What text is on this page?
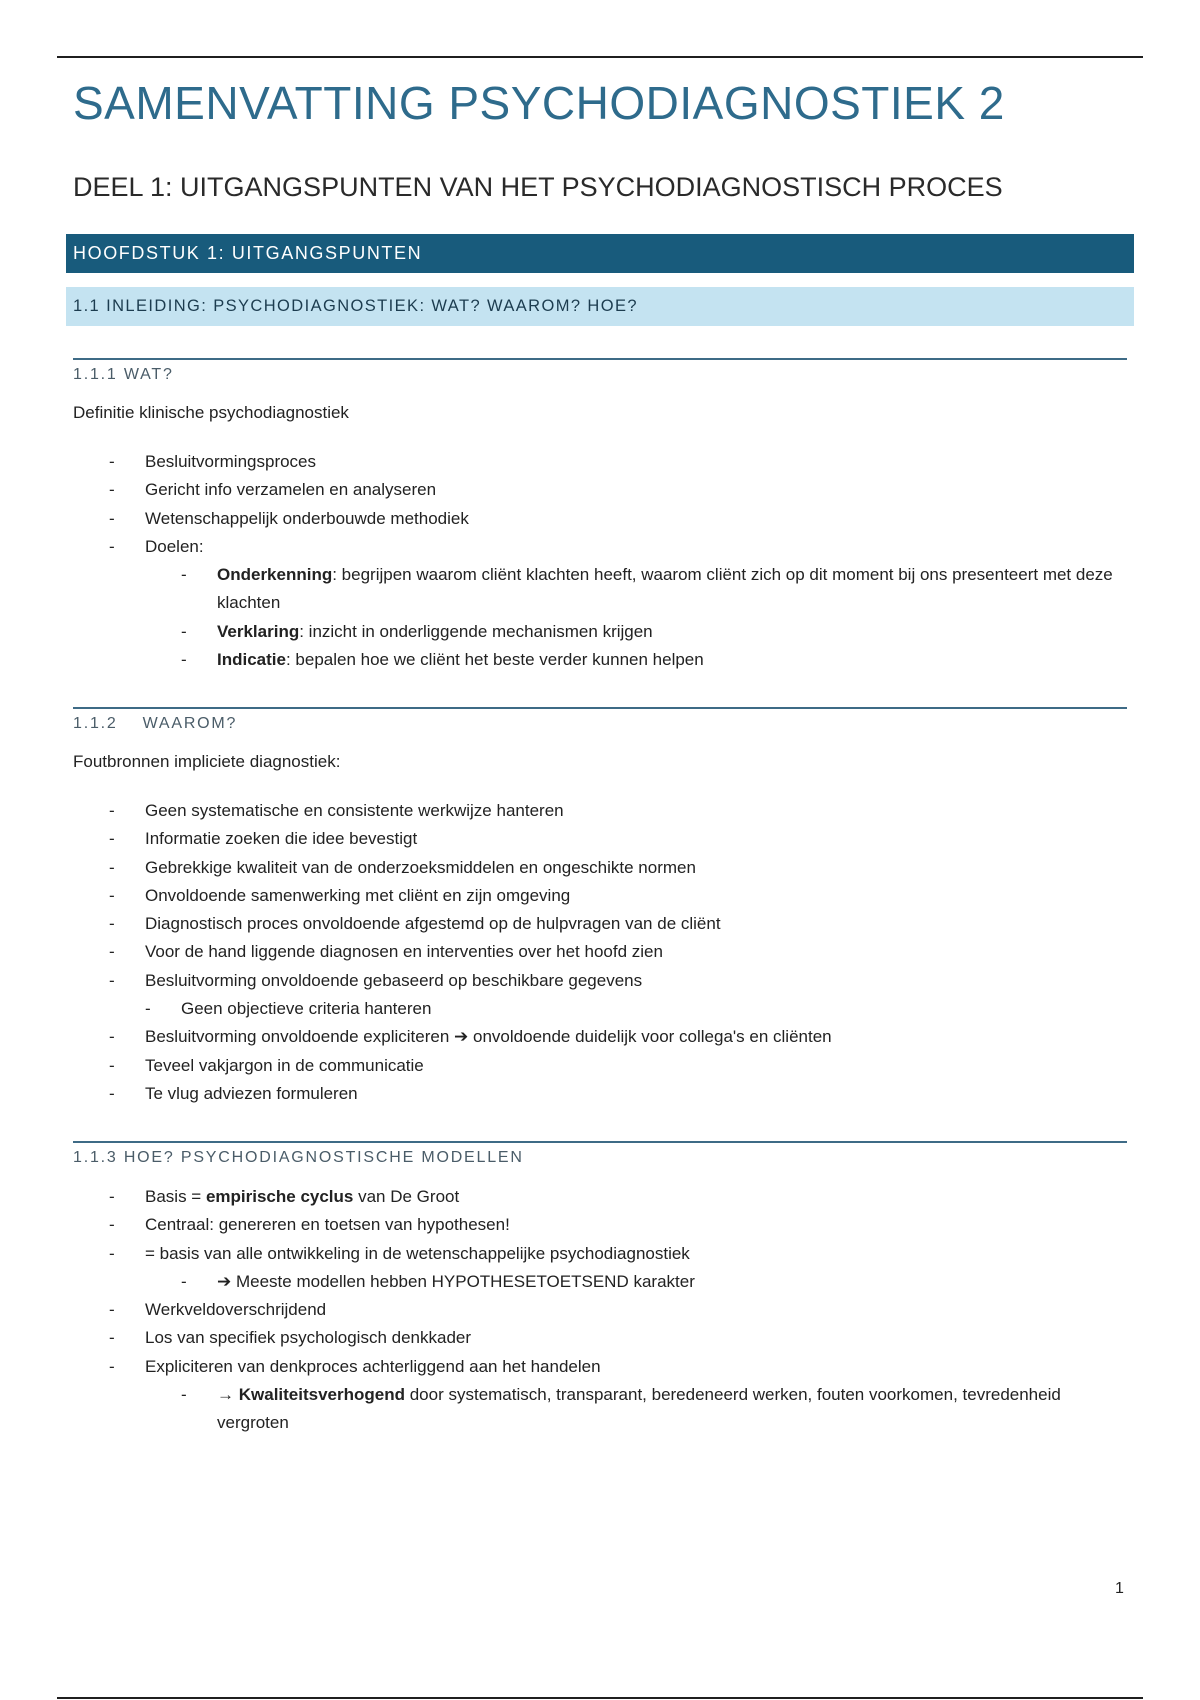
SAMENVATTING PSYCHODIAGNOSTIEK 2
DEEL 1: UITGANGSPUNTEN VAN HET PSYCHODIAGNOSTISCH PROCES
HOOFDSTUK 1: UITGANGSPUNTEN
1.1 INLEIDING: PSYCHODIAGNOSTIEK: WAT? WAAROM? HOE?
1.1.1 WAT?
Definitie klinische psychodiagnostiek
- Besluitvormingsproces
- Gericht info verzamelen en analyseren
- Wetenschappelijk onderbouwde methodiek
- Doelen:
- Onderkenning: begrijpen waarom cliënt klachten heeft, waarom cliënt zich op dit moment bij ons presenteert met deze klachten
- Verklaring: inzicht in onderliggende mechanismen krijgen
- Indicatie: bepalen hoe we cliënt het beste verder kunnen helpen
1.1.2    WAAROM?
Foutbronnen impliciete diagnostiek:
- Geen systematische en consistente werkwijze hanteren
- Informatie zoeken die idee bevestigt
- Gebrekkige kwaliteit van de onderzoeksmiddelen en ongeschikte normen
- Onvoldoende samenwerking met cliënt en zijn omgeving
- Diagnostisch proces onvoldoende afgestemd op de hulpvragen van de cliënt
- Voor de hand liggende diagnosen en interventies over het hoofd zien
- Besluitvorming onvoldoende gebaseerd op beschikbare gegevens
- Geen objectieve criteria hanteren
- Besluitvorming onvoldoende expliciteren ➔ onvoldoende duidelijk voor collega's en cliënten
- Teveel vakjargon in de communicatie
- Te vlug adviezen formuleren
1.1.3 HOE? PSYCHODIAGNOSTISCHE MODELLEN
- Basis = empirische cyclus van De Groot
- Centraal: genereren en toetsen van hypothesen!
- = basis van alle ontwikkeling in de wetenschappelijke psychodiagnostiek
- ➔ Meeste modellen hebben HYPOTHESETOETSEND karakter
- Werkveldoverschrijdend
- Los van specifiek psychologisch denkkader
- Expliciteren van denkproces achterliggend aan het handelen
- → Kwaliteitsverhogend door systematisch, transparant, beredeneerd werken, fouten voorkomen, tevredenheid vergroten
1
